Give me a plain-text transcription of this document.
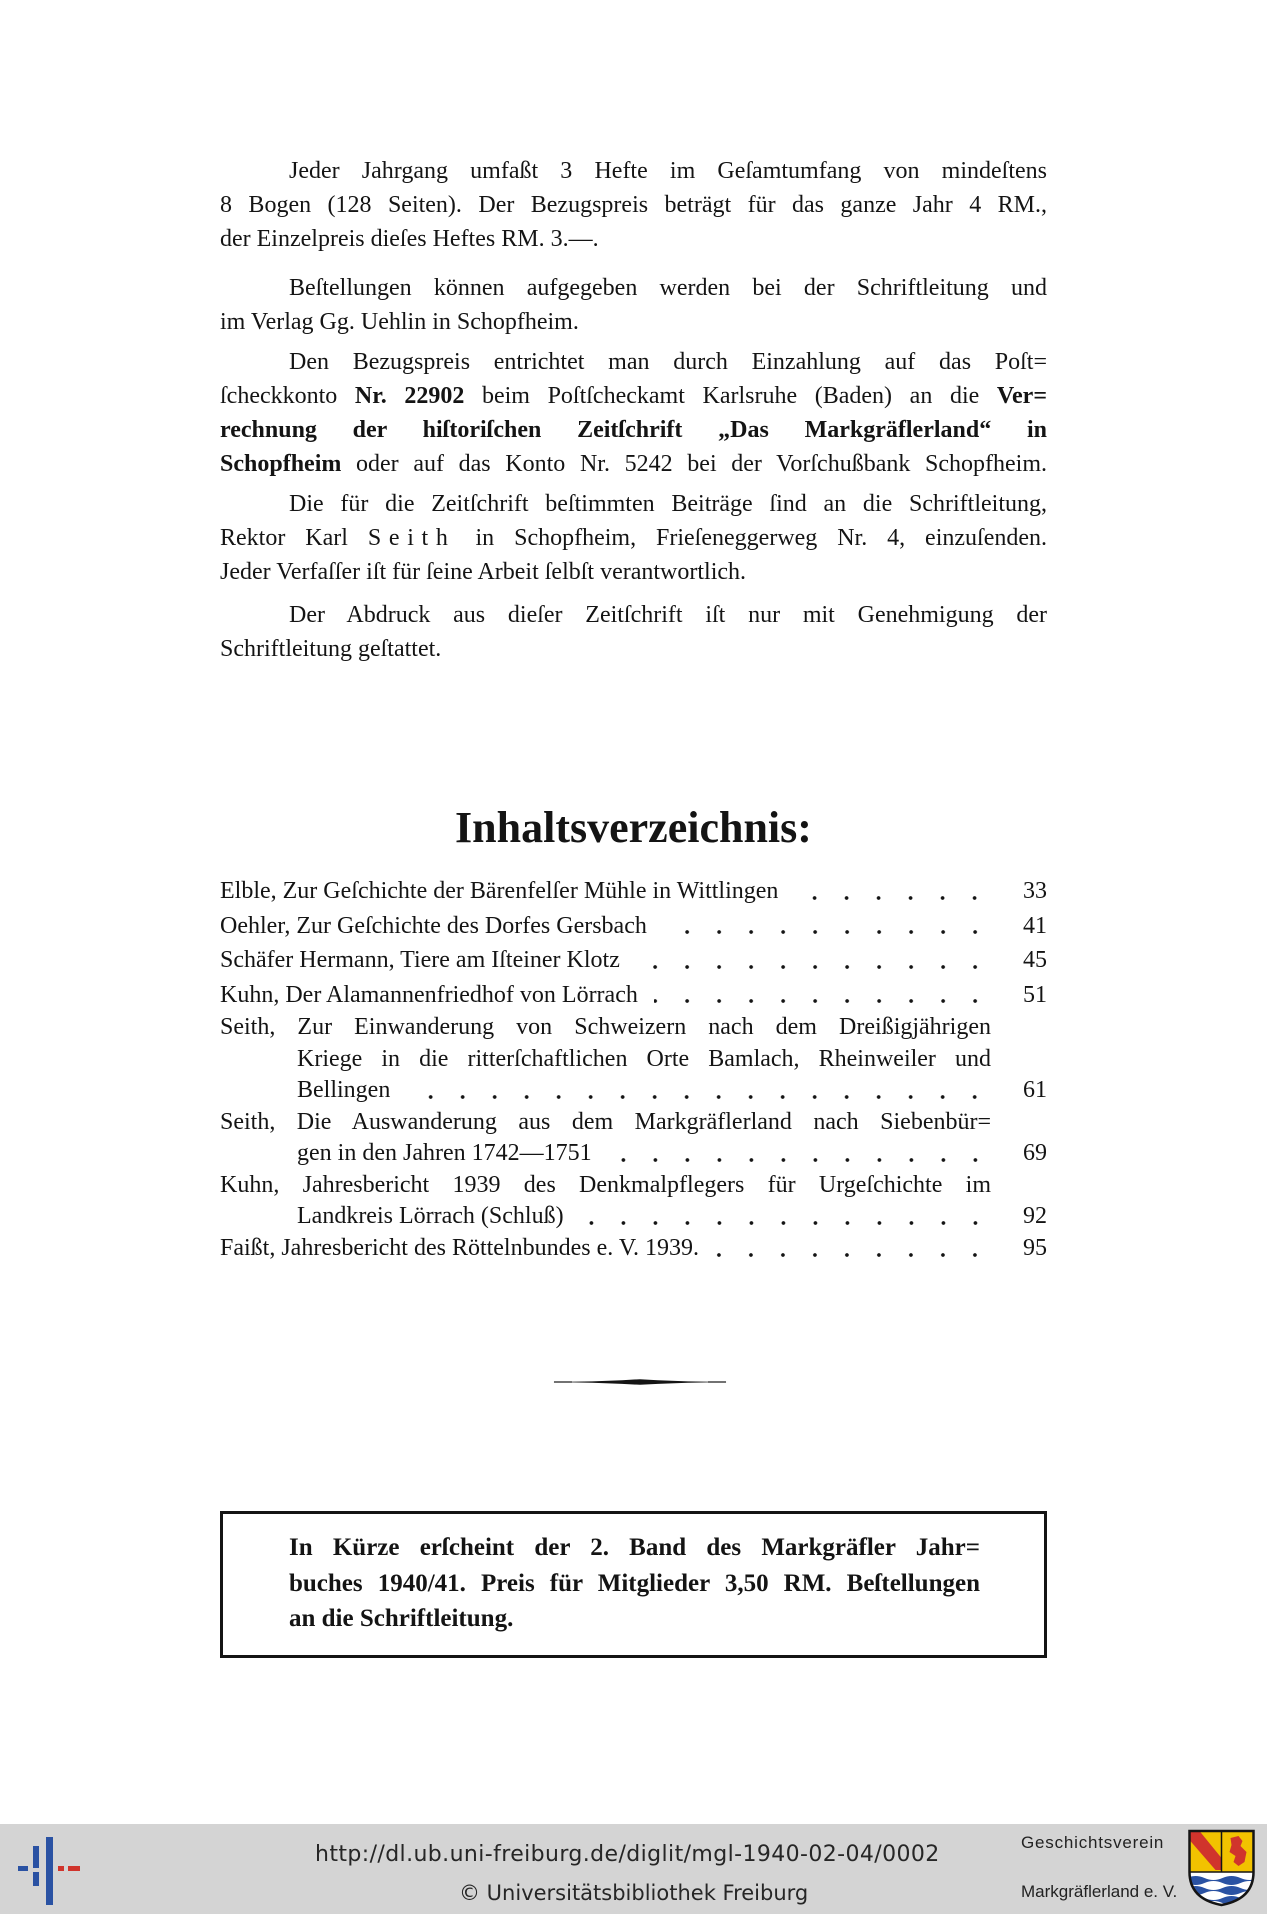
Jeder Jahrgang umfaßt 3 Hefte im Geſamtumfang von mindeſtens
8 Bogen (128 Seiten). Der Bezugspreis beträgt für das ganze Jahr 4 RM.,
der Einzelpreis dieſes Heftes RM. 3.—.
Beſtellungen können aufgegeben werden bei der Schriftleitung und
im Verlag Gg. Uehlin in Schopfheim.
Den Bezugspreis entrichtet man durch Einzahlung auf das Poſt=
ſcheckkonto Nr. 22902 beim Poſtſcheckamt Karlsruhe (Baden) an die Ver=
rechnung der hiſtoriſchen Zeitſchrift „Das Markgräflerland“ in
Schopfheim oder auf das Konto Nr. 5242 bei der Vorſchußbank Schopfheim.
Die für die Zeitſchrift beſtimmten Beiträge ſind an die Schriftleitung,
Rektor Karl Seith in Schopfheim, Frieſeneggerweg Nr. 4, einzuſenden.
Jeder Verfaſſer iſt für ſeine Arbeit ſelbſt verantwortlich.
Der Abdruck aus dieſer Zeitſchrift iſt nur mit Genehmigung der
Schriftleitung geſtattet.
Inhaltsverzeichnis:
Elble, Zur Geſchichte der Bärenfelſer Mühle in Wittlingen	33
Oehler, Zur Geſchichte des Dorfes Gersbach	41
Schäfer Hermann, Tiere am Iſteiner Klotz	45
Kuhn, Der Alamannenfriedhof von Lörrach	51
Seith, Zur Einwanderung von Schweizern nach dem Dreißigjährigen
Kriege in die ritterſchaftlichen Orte Bamlach, Rheinweiler und
Bellingen	61
Seith, Die Auswanderung aus dem Markgräflerland nach Siebenbür=
gen in den Jahren 1742—1751	69
Kuhn, Jahresbericht 1939 des Denkmalpflegers für Urgeſchichte im
Landkreis Lörrach (Schluß)	92
Faißt, Jahresbericht des Röttelnbundes e. V. 1939.	95
In Kürze erſcheint der 2. Band des Markgräfler Jahr=
buches 1940/41. Preis für Mitglieder 3,50 RM. Beſtellungen
an die Schriftleitung.
http://dl.ub.uni-freiburg.de/diglit/mgl-1940-02-04/0002
© Universitätsbibliothek Freiburg
Geschichtsverein
Markgräflerland e. V.
